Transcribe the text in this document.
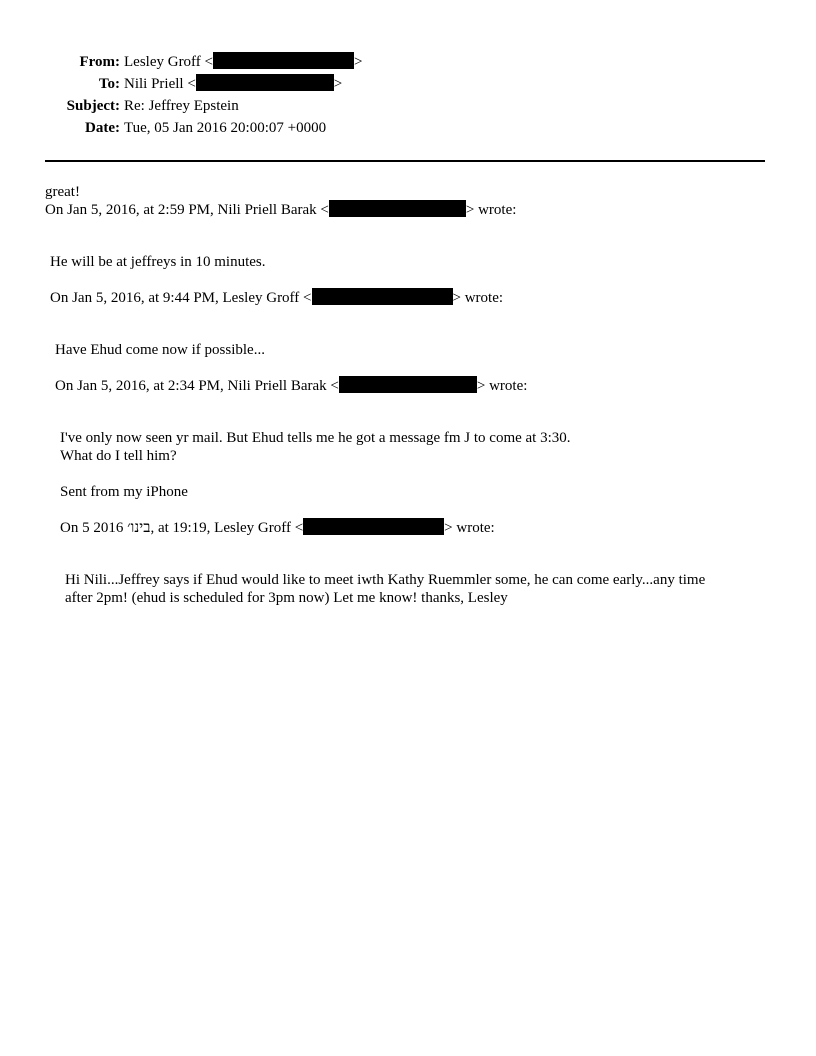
From: Lesley Groff <	>
To: Nili Priell <	>
Subject: Re: Jeffrey Epstein
Date: Tue, 05 Jan 2016 20:00:07 +0000
great!
On Jan 5, 2016, at 2:59 PM, Nili Priell Barak <	> wrote:
He will be at jeffreys in 10 minutes.
On Jan 5, 2016, at 9:44 PM, Lesley Groff <	> wrote:
Have Ehud come now if possible...
On Jan 5, 2016, at 2:34 PM, Nili Priell Barak <	> wrote:
I've only now seen yr mail. But Ehud tells me he got a message fm J to come at 3:30.
What do I tell him?
Sent from my iPhone
On 5 2016 בינו׳, at 19:19, Lesley Groff <	> wrote:
Hi Nili...Jeffrey says if Ehud would like to meet iwth Kathy Ruemmler some, he can come early...any time
after 2pm! (ehud is scheduled for 3pm now) Let me know! thanks, Lesley
